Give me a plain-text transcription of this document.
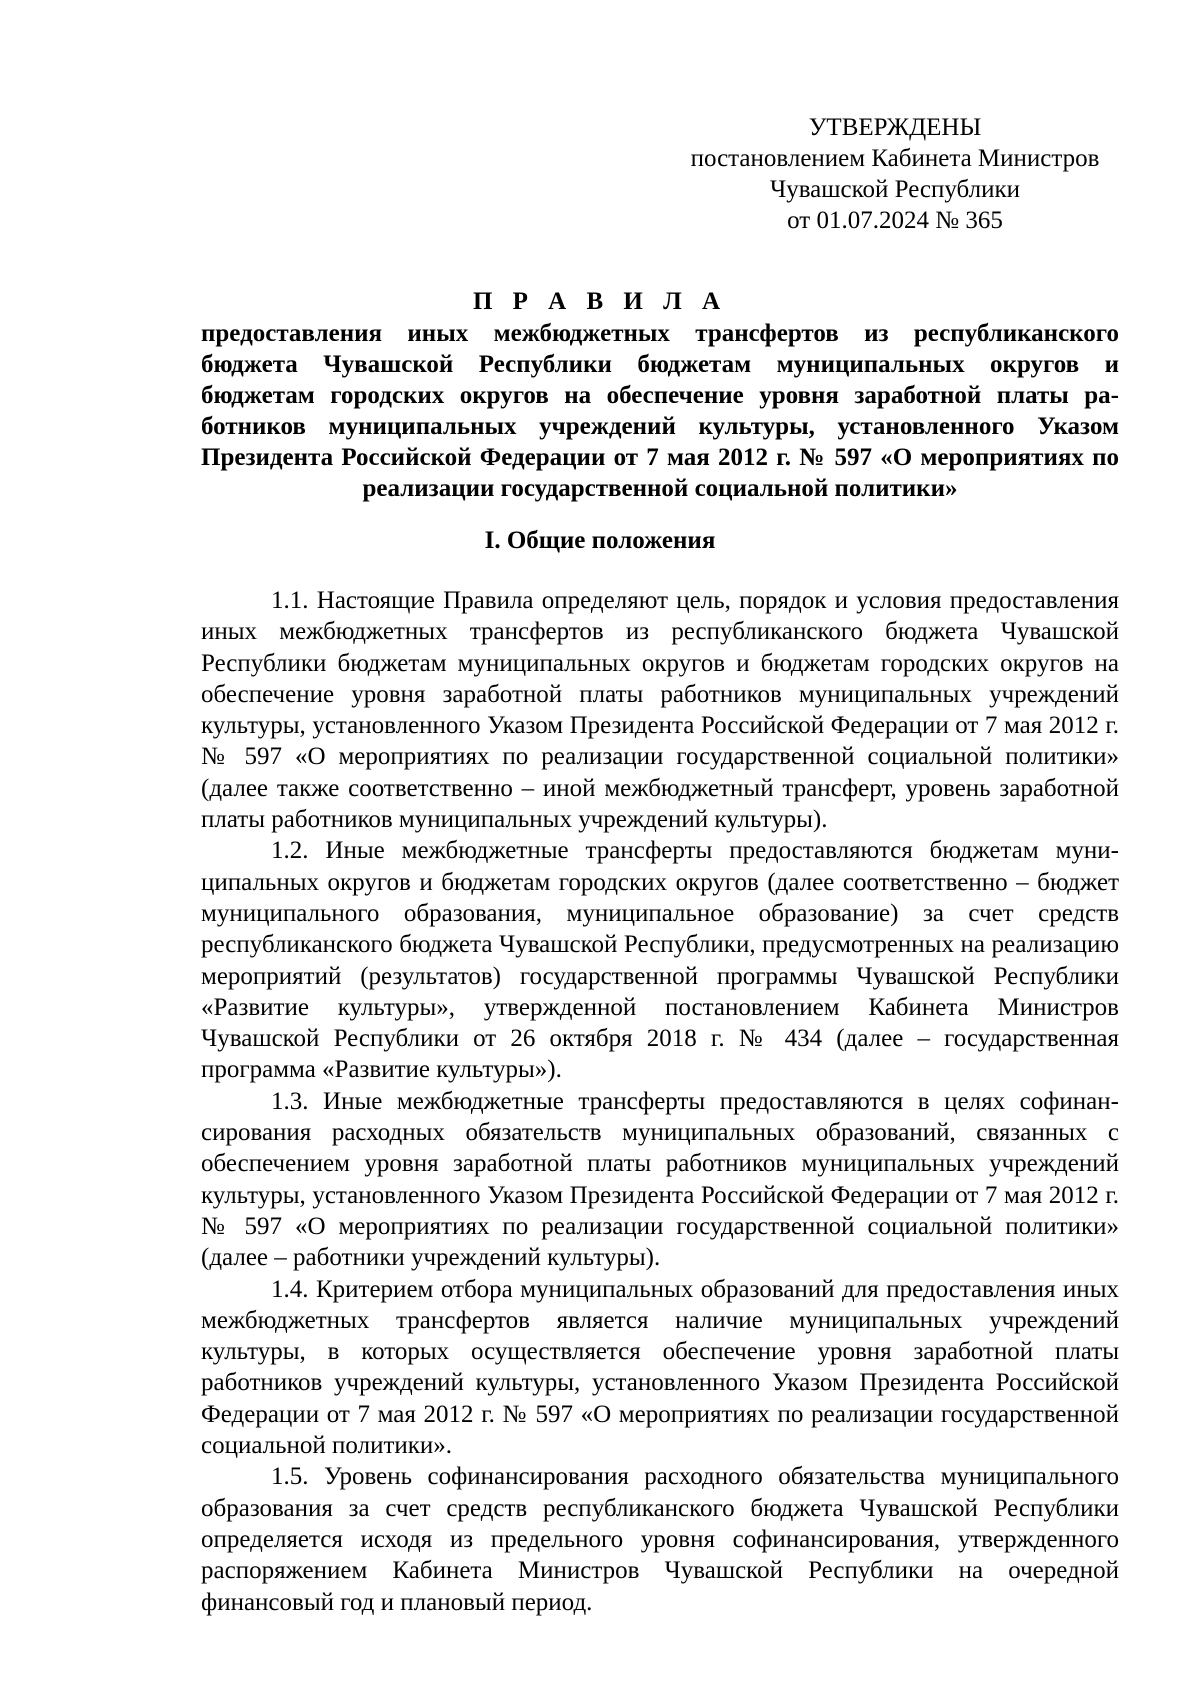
УТВЕРЖДЕНЫ
постановлением Кабинета Министров
Чувашской Республики
от 01.07.2024 № 365
П Р А В И Л А
предоставления иных межбюджетных трансфертов из республиканского бюджета Чувашской Республики бюджетам муниципальных округов и бюджетам городских округов на обеспечение уровня заработной платы работников муниципальных учреждений культуры, установленного Указом Президента Российской Федерации от 7 мая 2012 г. № 597 «О мероприятиях по реализации государственной социальной политики»
I. Общие положения

1.1. Настоящие Правила определяют цель, порядок и условия предоставления иных межбюджетных трансфертов из республиканского бюджета Чувашской Республики бюджетам муниципальных округов и бюджетам городских округов на обеспечение уровня заработной платы работников муниципальных учреждений культуры, установленного Указом Президента Российской Федерации от 7 мая 2012 г. № 597 «О мероприятиях по реализации государственной социальной политики» (далее также соответственно – иной межбюджетный трансферт, уровень заработной платы работников муниципальных учреждений культуры).

1.2. Иные межбюджетные трансферты предоставляются бюджетам муниципальных округов и бюджетам городских округов (далее соответственно – бюджет муниципального образования, муниципальное образование) за счет средств республиканского бюджета Чувашской Республики, предусмотренных на реализацию мероприятий (результатов) государственной программы Чувашской Республики «Развитие культуры», утвержденной постановлением Кабинета Министров Чувашской Республики от 26 октября 2018 г. № 434 (далее – государственная программа «Развитие культуры»).

1.3. Иные межбюджетные трансферты предоставляются в целях софинансирования расходных обязательств муниципальных образований, связанных с обеспечением уровня заработной платы работников муниципальных учреждений культуры, установленного Указом Президента Российской Федерации от 7 мая 2012 г. № 597 «О мероприятиях по реализации государственной социальной политики» (далее – работники учреждений культуры).

1.4. Критерием отбора муниципальных образований для предоставления иных межбюджетных трансфертов является наличие муниципальных учреждений культуры, в которых осуществляется обеспечение уровня заработной платы работников учреждений культуры, установленного Указом Президента Российской Федерации от 7 мая 2012 г. № 597 «О мероприятиях по реализации государственной социальной политики».

1.5. Уровень софинансирования расходного обязательства муниципального образования за счет средств республиканского бюджета Чувашской Республики определяется исходя из предельного уровня софинансирования, утвержденного распоряжением Кабинета Министров Чувашской Республики на очередной финансовый год и плановый период.
